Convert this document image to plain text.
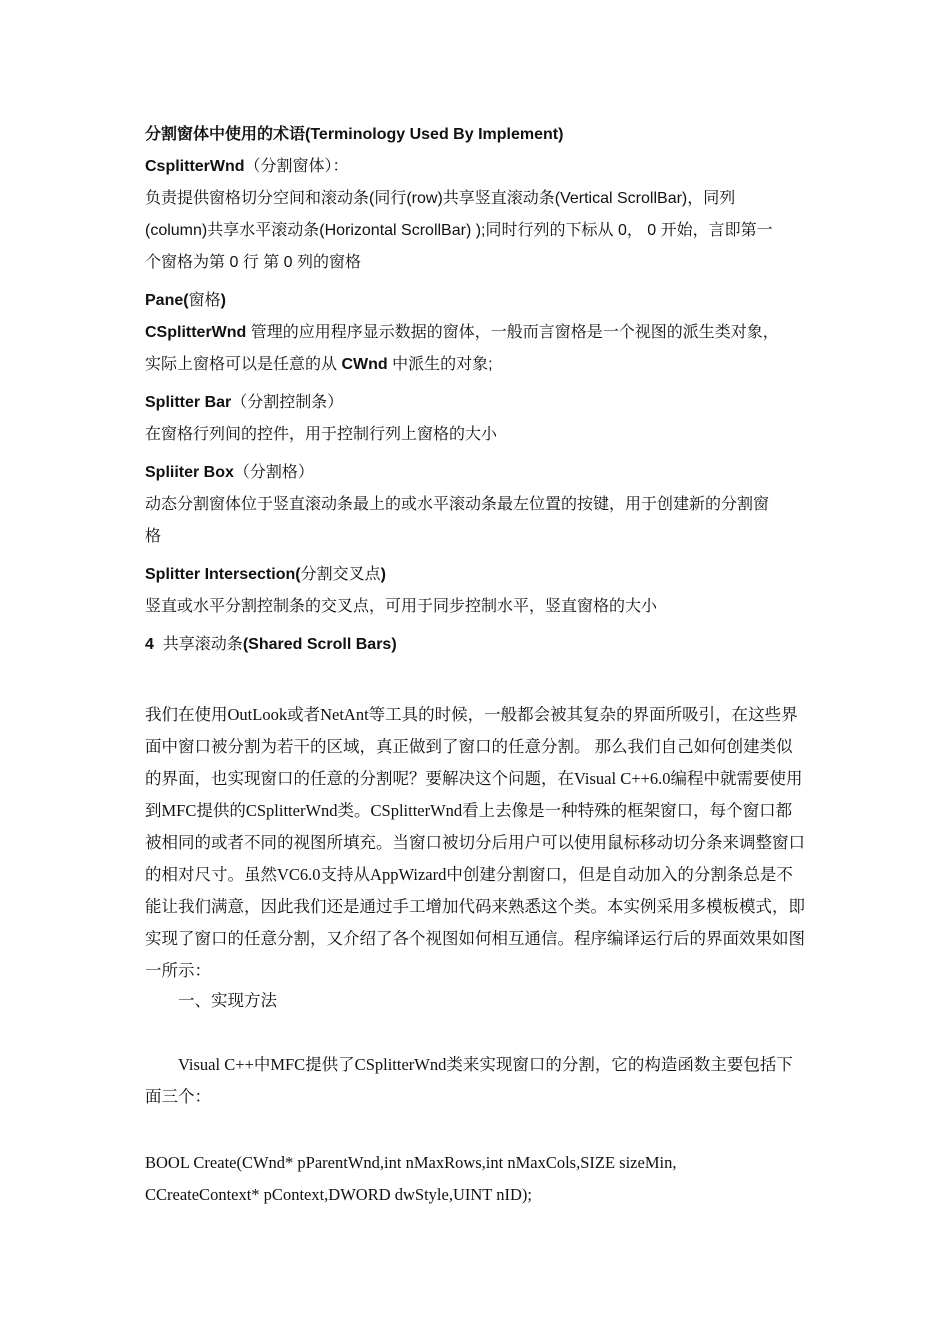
分割窗体中使用的术语(Terminology Used By Implement)
CsplitterWnd（分割窗体）：
负责提供窗格切分空间和滚动条(同行(row)共享竖直滚动条(Vertical ScrollBar)，同列
(column)共享水平滚动条(Horizontal ScrollBar) );同时行列的下标从 0， 0 开始，言即第一
个窗格为第 0 行 第 0 列的窗格
Pane(窗格)
CSplitterWnd 管理的应用程序显示数据的窗体，一般而言窗格是一个视图的派生类对象，
实际上窗格可以是任意的从 CWnd 中派生的对象;
Splitter Bar（分割控制条）
在窗格行列间的控件，用于控制行列上窗格的大小
Spliiter Box（分割格）
动态分割窗体位于竖直滚动条最上的或水平滚动条最左位置的按键，用于创建新的分割窗
格
Splitter Intersection(分割交叉点)
竖直或水平分割控制条的交叉点，可用于同步控制水平，竖直窗格的大小
4  共享滚动条(Shared Scroll Bars)
我们在使用OutLook或者NetAnt等工具的时候，一般都会被其复杂的界面所吸引，在这些界
面中窗口被分割为若干的区域，真正做到了窗口的任意分割。 那么我们自己如何创建类似
的界面，也实现窗口的任意的分割呢？要解决这个问题，在Visual C++6.0编程中就需要使用
到MFC提供的CSplitterWnd类。CSplitterWnd看上去像是一种特殊的框架窗口，每个窗口都
被相同的或者不同的视图所填充。当窗口被切分后用户可以使用鼠标移动切分条来调整窗口
的相对尺寸。虽然VC6.0支持从AppWizard中创建分割窗口，但是自动加入的分割条总是不
能让我们满意，因此我们还是通过手工增加代码来熟悉这个类。本实例采用多模板模式，即
实现了窗口的任意分割，又介绍了各个视图如何相互通信。程序编译运行后的界面效果如图
一所示：
一、实现方法
Visual C++中MFC提供了CSplitterWnd类来实现窗口的分割，它的构造函数主要包括下
面三个：
BOOL Create(CWnd* pParentWnd,int nMaxRows,int nMaxCols,SIZE sizeMin,
CCreateContext* pContext,DWORD dwStyle,UINT nID);
